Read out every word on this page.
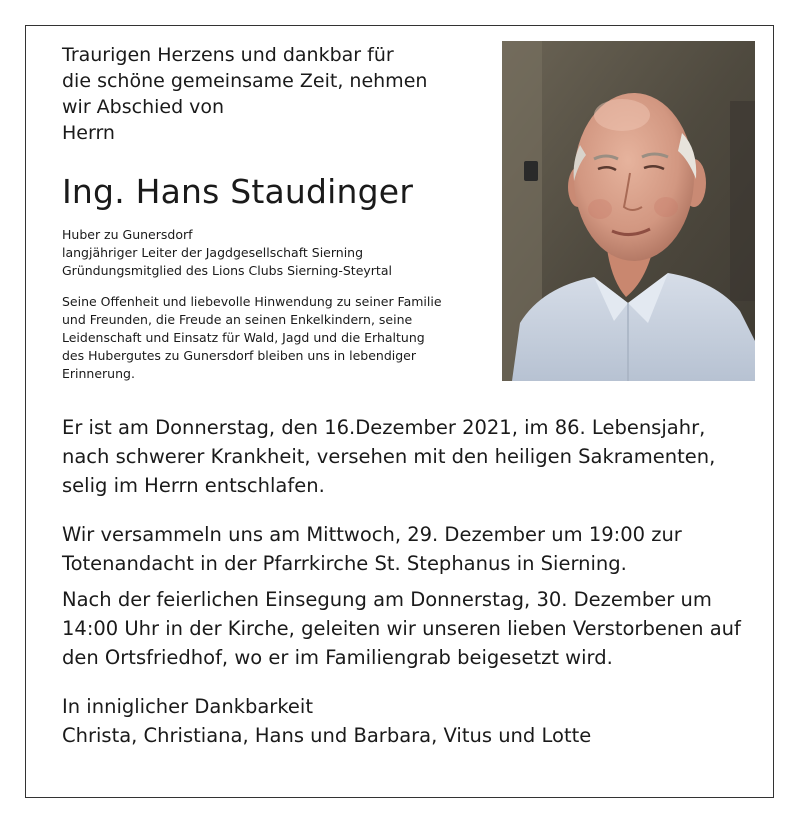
Traurigen Herzens und dankbar für
die schöne gemeinsame Zeit, nehmen
wir Abschied von
Herrn
Ing. Hans Staudinger
Huber zu Gunersdorf
langjähriger Leiter der Jagdgesellschaft Sierning
Gründungsmitglied des Lions Clubs Sierning-Steyrtal
Seine Offenheit und liebevolle Hinwendung zu seiner Familie
und Freunden, die Freude an seinen Enkelkindern, seine
Leidenschaft und Einsatz für Wald, Jagd und die Erhaltung
des Hubergutes zu Gunersdorf bleiben uns in lebendiger
Erinnerung.
Er ist am Donnerstag, den 16.Dezember 2021, im 86. Lebensjahr,
nach schwerer Krankheit, versehen mit den heiligen Sakramenten,
selig im Herrn entschlafen.
Wir versammeln uns am Mittwoch, 29. Dezember um 19:00 zur
Totenandacht in der Pfarrkirche St. Stephanus in Sierning.
Nach der feierlichen Einsegung am Donnerstag, 30. Dezember um
14:00 Uhr in der Kirche, geleiten wir unseren lieben Verstorbenen auf
den Ortsfriedhof, wo er im Familiengrab beigesetzt wird.
In inniglicher Dankbarkeit
Christa, Christiana, Hans und Barbara, Vitus und Lotte
